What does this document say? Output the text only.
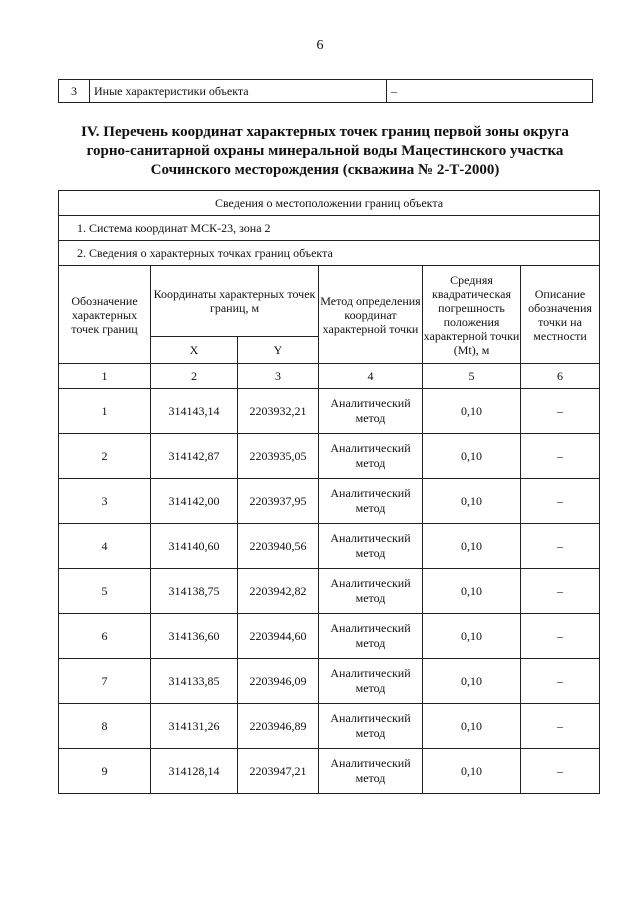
6
3	Иные характеристики объекта	–
IV. Перечень координат характерных точек границ первой зоны округа
горно-санитарной охраны минеральной воды Мацестинского участка
Сочинского месторождения (скважина № 2-Т-2000)
Сведения о местоположении границ объекта					
1. Система координат МСК-23, зона 2					
2. Сведения о характерных точках границ объекта					
Обозначение характерных точек границ	Координаты характерных точек границ, м		Метод определения координат характерной точки	Средняя квадратическая погрешность положения характерной точки (Mt), м	Описание обозначения точки на местности
	X	Y			
1	2	3	4	5	6
1	314143,14	2203932,21	Аналитический метод	0,10	–
2	314142,87	2203935,05	Аналитический метод	0,10	–
3	314142,00	2203937,95	Аналитический метод	0,10	–
4	314140,60	2203940,56	Аналитический метод	0,10	–
5	314138,75	2203942,82	Аналитический метод	0,10	–
6	314136,60	2203944,60	Аналитический метод	0,10	–
7	314133,85	2203946,09	Аналитический метод	0,10	–
8	314131,26	2203946,89	Аналитический метод	0,10	–
9	314128,14	2203947,21	Аналитический метод	0,10	–
